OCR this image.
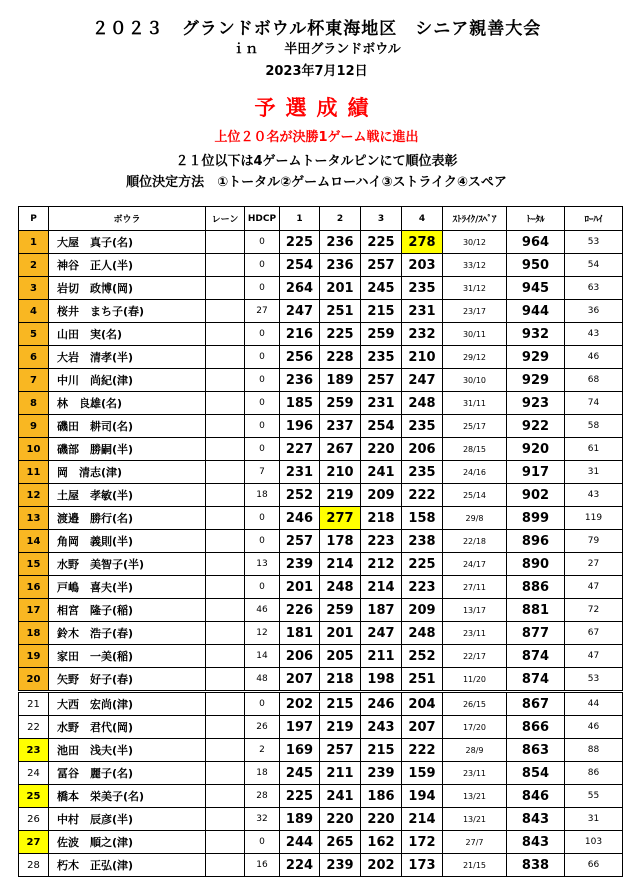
２０２３　グランドボウル杯東海地区　シニア親善大会
ｉｎ　　半田グランドボウル
2023年7月12日
予選成績
上位２０名が決勝1ゲーム戦に進出
２１位以下は4ゲームトータルピンにて順位表彰
順位決定方法　①トータル②ゲームローハイ③ストライク④スペア
P	ボウラ	レーン	HDCP	1	2	3	4	ｽﾄﾗｲｸ/ｽﾍﾟｱ	ﾄｰﾀﾙ	ﾛｰﾊｲ
1	大屋　真子(名)		0	225	236	225	278	30/12	964	53
2	神谷　正人(半)		0	254	236	257	203	33/12	950	54
3	岩切　政博(岡)		0	264	201	245	235	31/12	945	63
4	桜井　まち子(春)		27	247	251	215	231	23/17	944	36
5	山田　実(名)		0	216	225	259	232	30/11	932	43
6	大岩　清孝(半)		0	256	228	235	210	29/12	929	46
7	中川　尚紀(津)		0	236	189	257	247	30/10	929	68
8	林　良雄(名)		0	185	259	231	248	31/11	923	74
9	磯田　耕司(名)		0	196	237	254	235	25/17	922	58
10	磯部　勝嗣(半)		0	227	267	220	206	28/15	920	61
11	岡　清志(津)		7	231	210	241	235	24/16	917	31
12	土屋　孝敏(半)		18	252	219	209	222	25/14	902	43
13	渡邉　勝行(名)		0	246	277	218	158	29/8	899	119
14	角岡　義則(半)		0	257	178	223	238	22/18	896	79
15	水野　美智子(半)		13	239	214	212	225	24/17	890	27
16	戸嶋　喜夫(半)		0	201	248	214	223	27/11	886	47
17	相宮　隆子(稲)		46	226	259	187	209	13/17	881	72
18	鈴木　浩子(春)		12	181	201	247	248	23/11	877	67
19	家田　一美(稲)		14	206	205	211	252	22/17	874	47
20	矢野　好子(春)		48	207	218	198	251	11/20	874	53
21	大西　宏尚(津)		0	202	215	246	204	26/15	867	44
22	水野　君代(岡)		26	197	219	243	207	17/20	866	46
23	池田　浅夫(半)		2	169	257	215	222	28/9	863	88
24	冨谷　麗子(名)		18	245	211	239	159	23/11	854	86
25	橋本　栄美子(名)		28	225	241	186	194	13/21	846	55
26	中村　辰彦(半)		32	189	220	220	214	13/21	843	31
27	佐波　順之(津)		0	244	265	162	172	27/7	843	103
28	朽木　正弘(津)		16	224	239	202	173	21/15	838	66
